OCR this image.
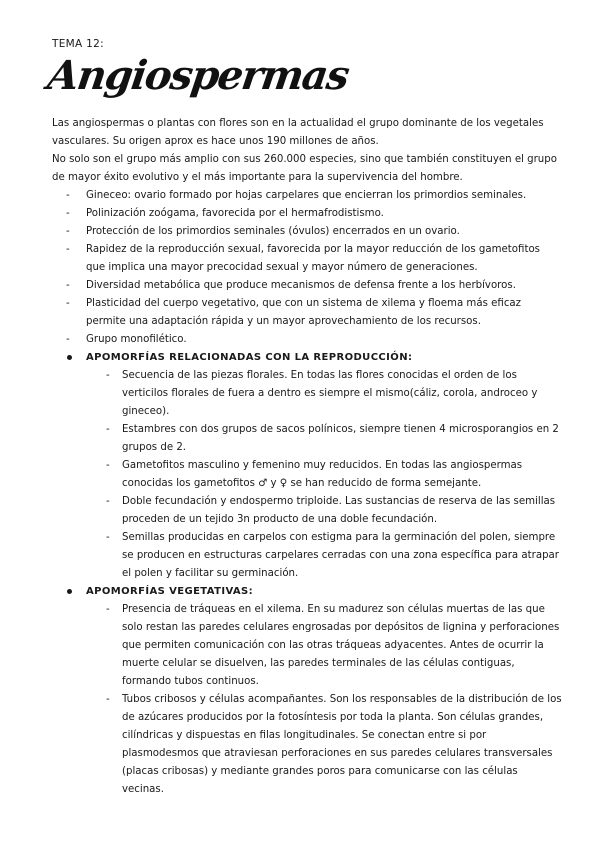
TEMA 12:
Angiospermas

Las angiospermas o plantas con flores son en la actualidad el grupo dominante de los vegetales vasculares. Su origen aprox es hace unos 190 millones de años.

No solo son el grupo más amplio con sus 260.000 especies, sino que también constituyen el grupo de mayor éxito evolutivo y el más importante para la supervivencia del hombre.

- Gineceo: ovario formado por hojas carpelares que encierran los primordios seminales.
- Polinización zoógama, favorecida por el hermafrodistismo.
- Protección de los primordios seminales (óvulos) encerrados en un ovario.
- Rapidez de la reproducción sexual, favorecida por la mayor reducción de los gametofitos que implica una mayor precocidad sexual y mayor número de generaciones.
- Diversidad metabólica que produce mecanismos de defensa frente a los herbívoros.
- Plasticidad del cuerpo vegetativo, que con un sistema de xilema y floema más eficaz permite una adaptación rápida y un mayor aprovechamiento de los recursos.
- Grupo monofilético.
APOMORFÍAS RELACIONADAS CON LA REPRODUCCIÓN:
- Secuencia de las piezas florales. En todas las flores conocidas el orden de los verticilos florales de fuera a dentro es siempre el mismo(cáliz, corola, androceo y gineceo).
- Estambres con dos grupos de sacos polínicos, siempre tienen 4 microsporangios en 2 grupos de 2.
- Gametofitos masculino y femenino muy reducidos. En todas las angiospermas conocidas los gametofitos ♂ y ♀ se han reducido de forma semejante.
- Doble fecundación y endospermo triploide. Las sustancias de reserva de las semillas proceden de un tejido 3n producto de una doble fecundación.
- Semillas producidas en carpelos con estigma para la germinación del polen, siempre se producen en estructuras carpelares cerradas con una zona específica para atrapar el polen y facilitar su germinación.
APOMORFÍAS VEGETATIVAS:
- Presencia de tráqueas en el xilema. En su madurez son células muertas de las que solo restan las paredes celulares engrosadas por depósitos de lignina y perforaciones que permiten comunicación con las otras tráqueas adyacentes. Antes de ocurrir la muerte celular se disuelven, las paredes terminales de las células contiguas, formando tubos continuos.
- Tubos cribosos y células acompañantes. Son los responsables de la distribución de los de azúcares producidos por la fotosíntesis por toda la planta. Son células grandes, cilíndricas y dispuestas en filas longitudinales. Se conectan entre si por plasmodesmos que atraviesan perforaciones en sus paredes celulares transversales (placas cribosas) y mediante grandes poros para comunicarse con las células vecinas.
